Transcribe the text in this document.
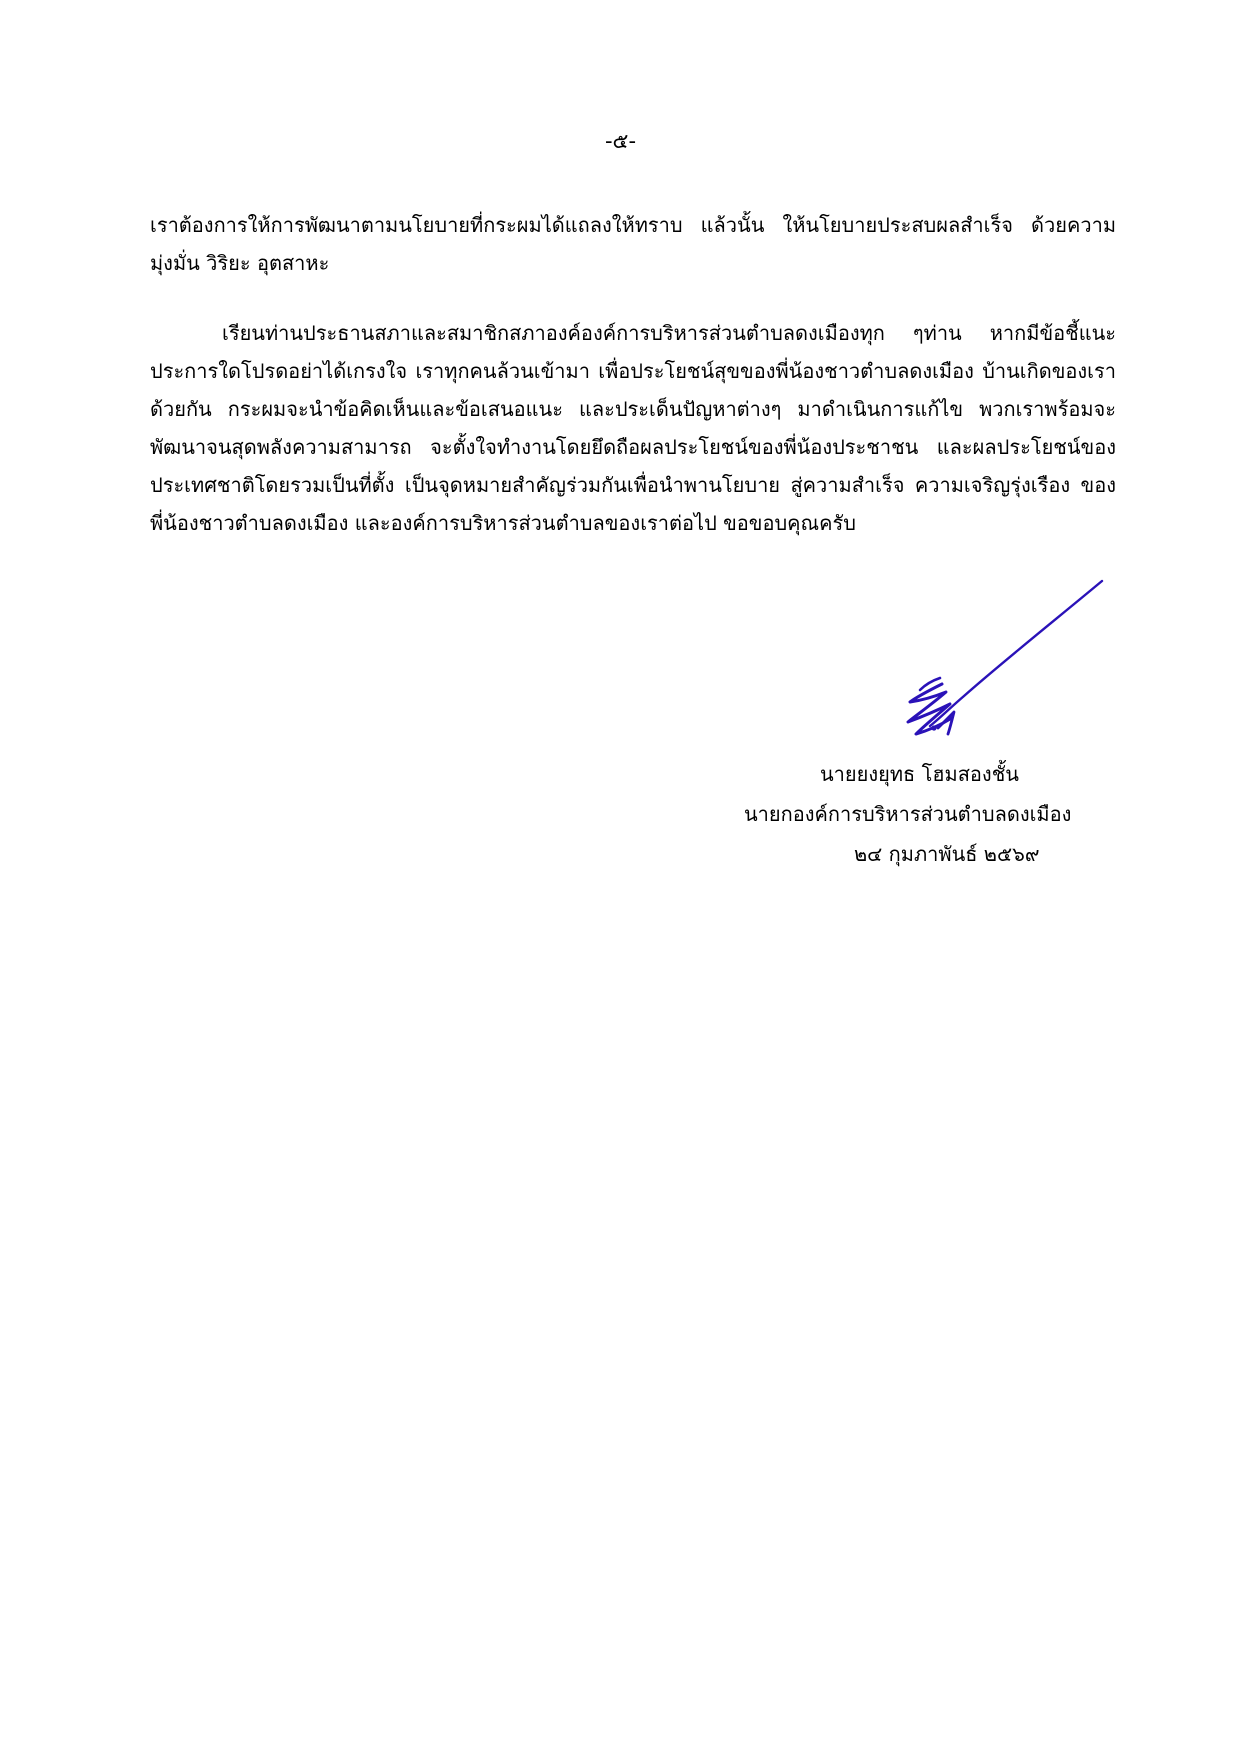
-๕-
เราต้องการให้การพัฒนาตามนโยบายที่กระผมได้แถลงให้ทราบ แล้วนั้น ให้นโยบายประสบผลสำเร็จ ด้วยความ
มุ่งมั่น วิริยะ อุตสาหะ
เรียนท่านประธานสภาและสมาชิกสภาองค์องค์การบริหารส่วนตำบลดงเมืองทุก ๆท่าน หากมีข้อชี้แนะ
ประการใดโปรดอย่าได้เกรงใจ เราทุกคนล้วนเข้ามา เพื่อประโยชน์สุขของพี่น้องชาวตำบลดงเมือง บ้านเกิดของเรา
ด้วยกัน กระผมจะนำข้อคิดเห็นและข้อเสนอแนะ และประเด็นปัญหาต่างๆ มาดำเนินการแก้ไข พวกเราพร้อมจะ
พัฒนาจนสุดพลังความสามารถ จะตั้งใจทำงานโดยยึดถือผลประโยชน์ของพี่น้องประชาชน และผลประโยชน์ของ
ประเทศชาติโดยรวมเป็นที่ตั้ง เป็นจุดหมายสำคัญร่วมกันเพื่อนำพานโยบาย สู่ความสำเร็จ ความเจริญรุ่งเรือง ของ
พี่น้องชาวตำบลดงเมือง และองค์การบริหารส่วนตำบลของเราต่อไป ขอขอบคุณครับ
นายยงยุทธ โฮมสองชั้น
นายกองค์การบริหารส่วนตำบลดงเมือง
๒๔ กุมภาพันธ์ ๒๕๖๙
